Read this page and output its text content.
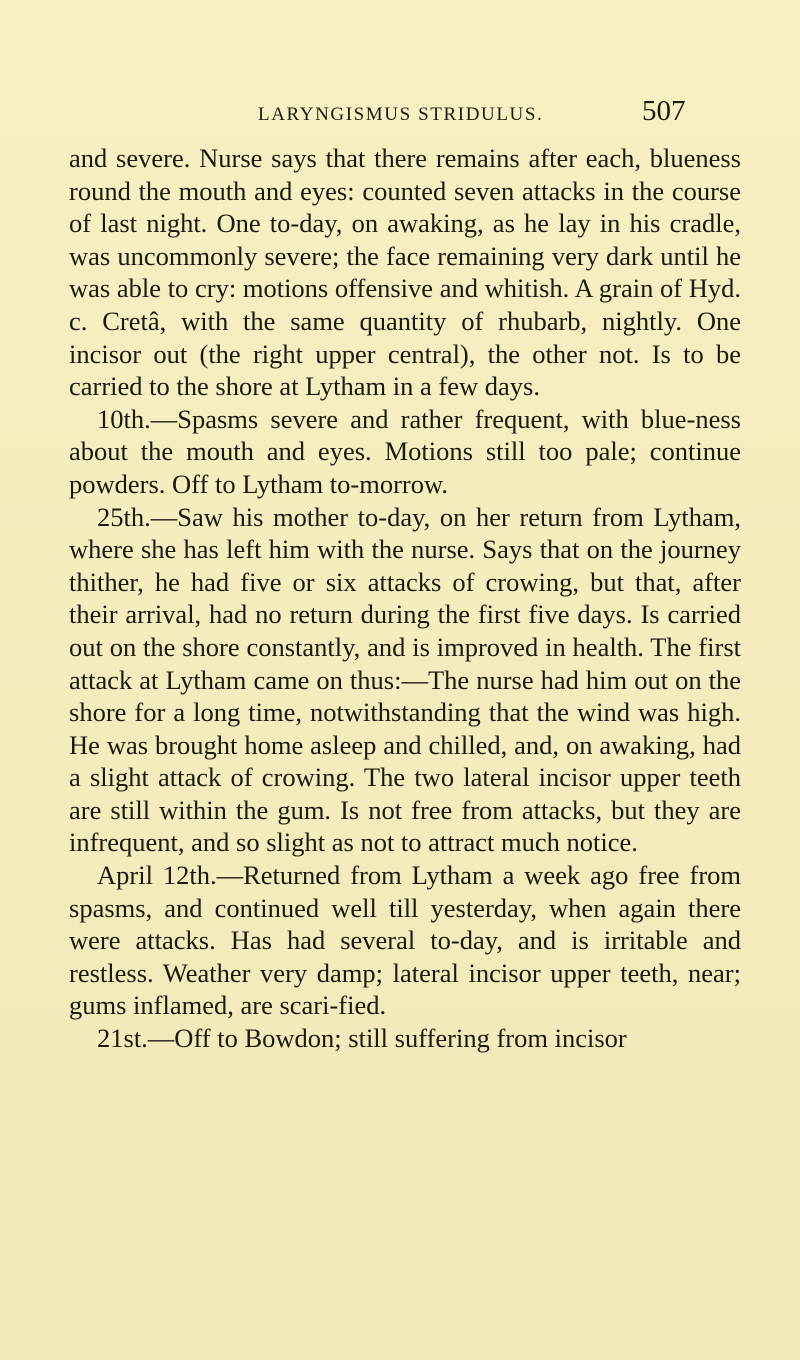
LARYNGISMUS STRIDULUS.	507

and severe. Nurse says that there remains after each, blueness round the mouth and eyes: counted seven attacks in the course of last night. One to-day, on awaking, as he lay in his cradle, was uncommonly severe; the face remaining very dark until he was able to cry: motions offensive and whitish. A grain of Hyd. c. Cretâ, with the same quantity of rhubarb, nightly. One incisor out (the right upper central), the other not. Is to be carried to the shore at Lytham in a few days.

10th.—Spasms severe and rather frequent, with blue-ness about the mouth and eyes. Motions still too pale; continue powders. Off to Lytham to-morrow.

25th.—Saw his mother to-day, on her return from Lytham, where she has left him with the nurse. Says that on the journey thither, he had five or six attacks of crowing, but that, after their arrival, had no return during the first five days. Is carried out on the shore constantly, and is improved in health. The first attack at Lytham came on thus:—The nurse had him out on the shore for a long time, notwithstanding that the wind was high. He was brought home asleep and chilled, and, on awaking, had a slight attack of crowing. The two lateral incisor upper teeth are still within the gum. Is not free from attacks, but they are infrequent, and so slight as not to attract much notice.

April 12th.—Returned from Lytham a week ago free from spasms, and continued well till yesterday, when again there were attacks. Has had several to-day, and is irritable and restless. Weather very damp; lateral incisor upper teeth, near; gums inflamed, are scari-fied.

21st.—Off to Bowdon; still suffering from incisor
